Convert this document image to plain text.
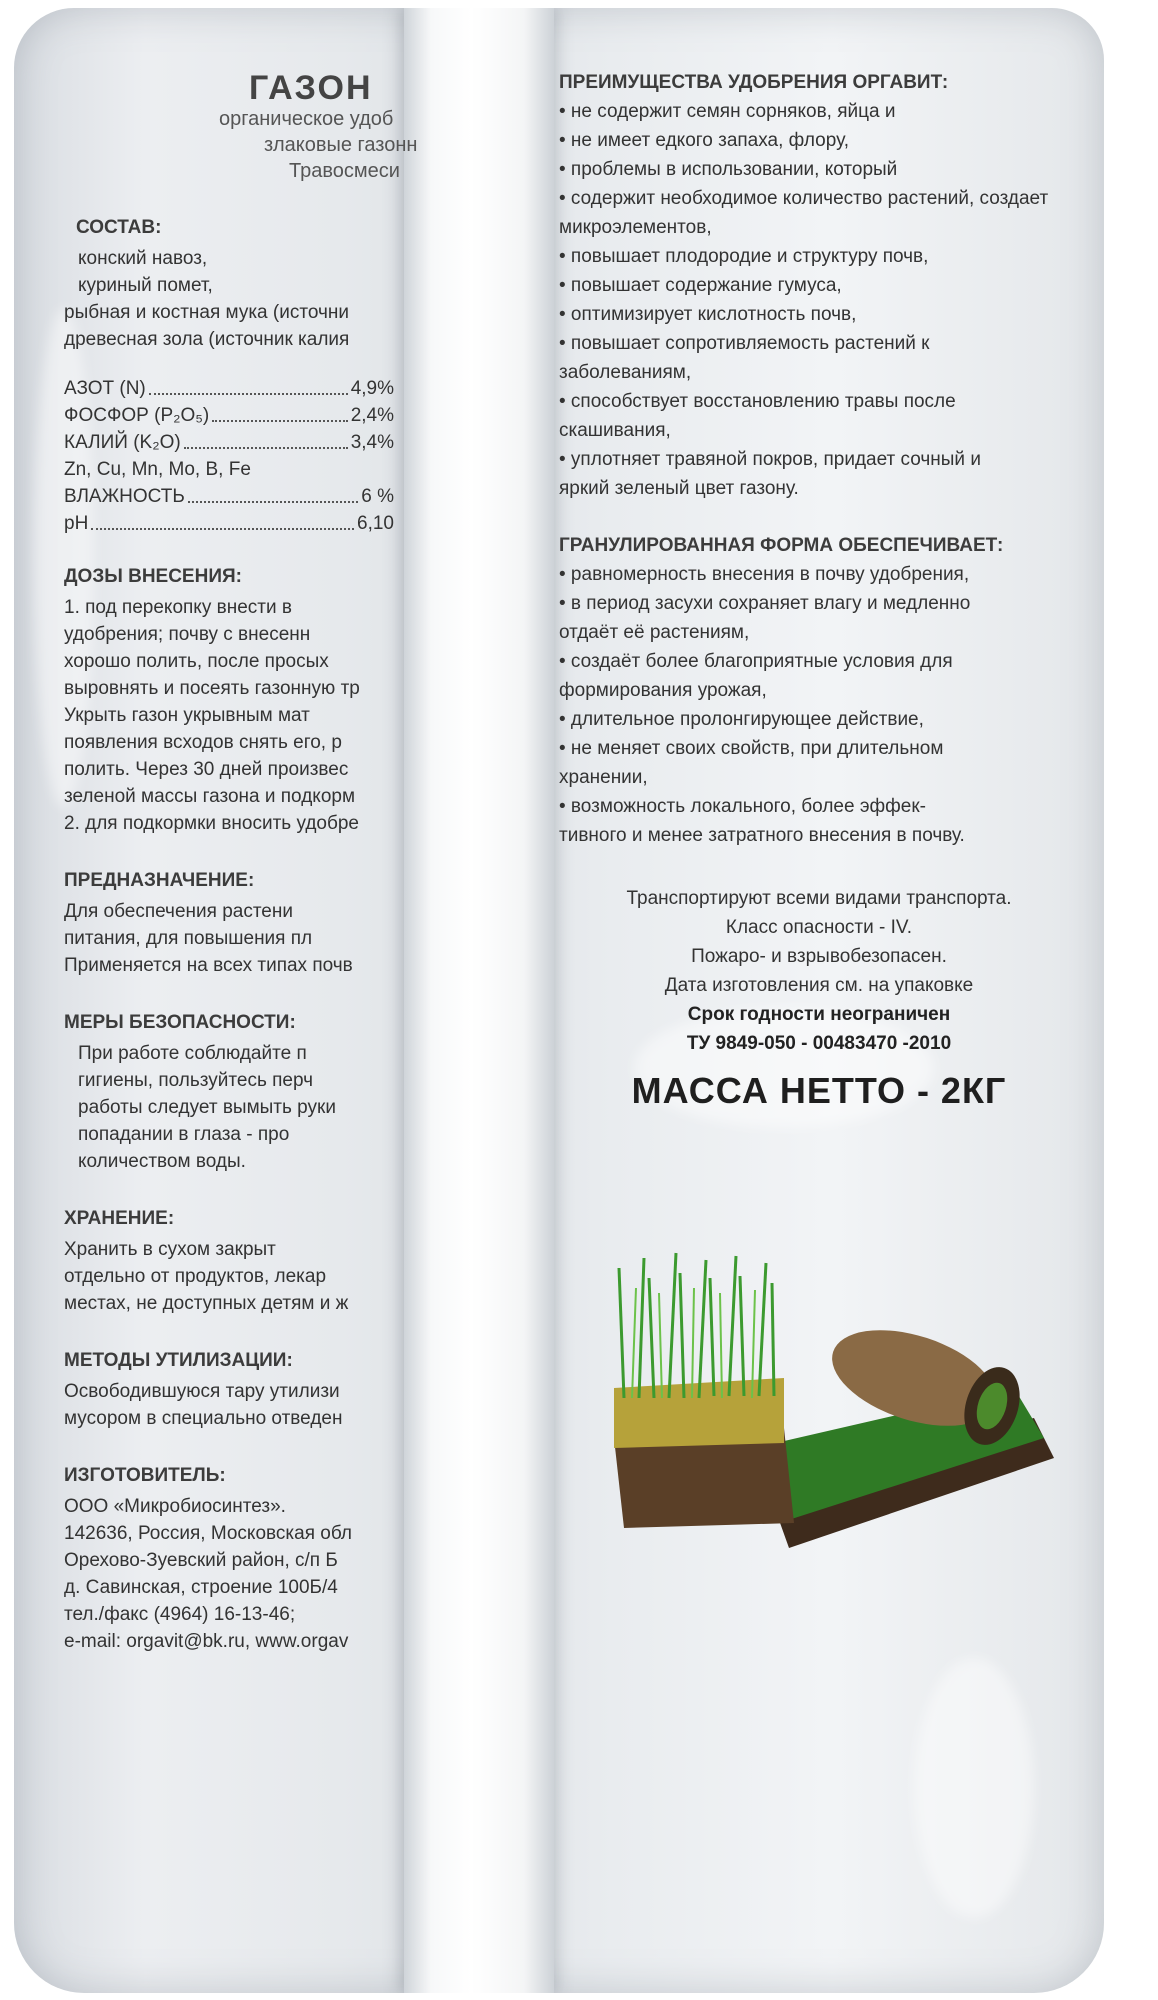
ГАЗОН
органическое удоб
злаковые газонн
Травосмеси
СОСТАВ:
конский навоз,
куриный помет,
рыбная и костная мука (источни
древесная зола (источник калия
АЗОТ (N)	4,9%
ФОСФОР (P₂O₅)	2,4%
КАЛИЙ (K₂O)	3,4%
Zn, Cu, Mn, Mo, B, Fe
ВЛАЖНОСТЬ	6 %
pH	6,10
ДОЗЫ ВНЕСЕНИЯ:
1. под перекопку внести в
удобрения; почву с внесенн
хорошо полить, после просых
выровнять и посеять газонную тр
Укрыть газон укрывным мат
появления всходов снять его, р
полить. Через 30 дней произвес
зеленой массы газона и подкорм
2. для подкормки вносить удобре
ПРЕДНАЗНАЧЕНИЕ:
Для обеспечения растени
питания, для повышения пл
Применяется на всех типах почв
МЕРЫ БЕЗОПАСНОСТИ:
При работе соблюдайте п
гигиены, пользуйтесь перч
работы следует вымыть руки
попадании в глаза - про
количеством воды.
ХРАНЕНИЕ:
Хранить в сухом закрыт
отдельно от продуктов, лекар
местах, не доступных детям и ж
МЕТОДЫ УТИЛИЗАЦИИ:
Освободившуюся тару утилизи
мусором в специально отведен
ИЗГОТОВИТЕЛЬ:
ООО «Микробиосинтез».
142636, Россия, Московская обл
Орехово-Зуевский район, с/п Б
д. Савинская, строение 100Б/4
тел./факс (4964) 16-13-46;
e-mail: orgavit@bk.ru, www.orgav
ПРЕИМУЩЕСТВА УДОБРЕНИЯ ОРГАВИТ:
• не содержит семян сорняков, яйца и
• не имеет едкого запаха, флору,
• проблемы в использовании, который
• содержит необходимое количество растений, создает
микроэлементов,
• повышает плодородие и структуру почв,
• повышает содержание гумуса,
• оптимизирует кислотность почв,
• повышает сопротивляемость растений к
заболеваниям,
• способствует восстановлению травы после
скашивания,
• уплотняет травяной покров, придает сочный и
яркий зеленый цвет газону.
ГРАНУЛИРОВАННАЯ ФОРМА ОБЕСПЕЧИВАЕТ:
• равномерность внесения в почву удобрения,
• в период засухи сохраняет влагу и медленно
отдаёт её растениям,
• создаёт более благоприятные условия для
формирования урожая,
• длительное пролонгирующее действие,
• не меняет своих свойств, при длительном
хранении,
• возможность локального, более эффек-
тивного и менее затратного внесения в почву.
Транспортируют всеми видами транспорта.
Класс опасности - IV.
Пожаро- и взрывобезопасен.
Дата изготовления см. на упаковке
Срок годности неограничен
ТУ 9849-050 - 00483470 -2010
МАССА НЕТТО - 2КГ
